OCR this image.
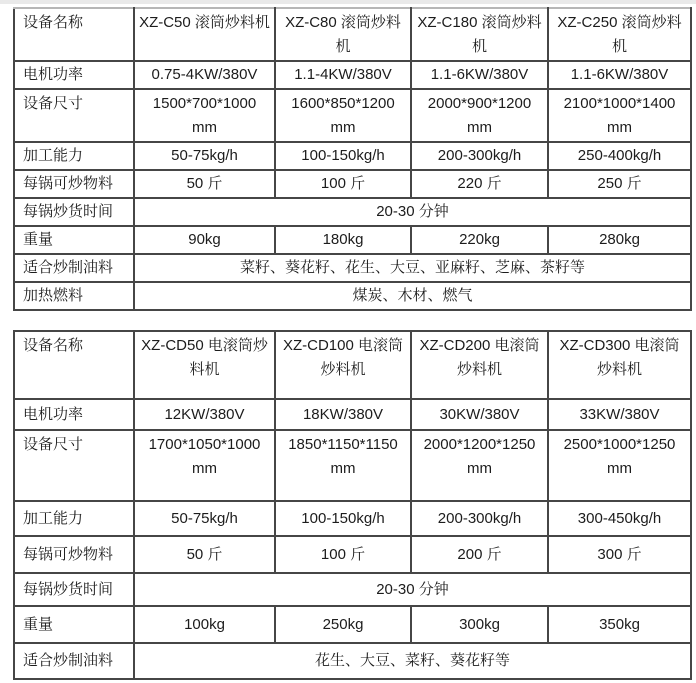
设备名称	XZ-C50 滚筒炒料机	XZ-C80 滚筒炒料机	XZ-C180 滚筒炒料机	XZ-C250 滚筒炒料机
电机功率	0.75-4KW/380V	1.1-4KW/380V	1.1-6KW/380V	1.1-6KW/380V
设备尺寸	1500*700*1000 mm	1600*850*1200 mm	2000*900*1200 mm	2100*1000*1400 mm
加工能力	50-75kg/h	100-150kg/h	200-300kg/h	250-400kg/h
每锅可炒物料	50 斤	100 斤	220 斤	250 斤
每锅炒货时间	20-30 分钟			
重量	90kg	180kg	220kg	280kg
适合炒制油料	菜籽、葵花籽、花生、大豆、亚麻籽、芝麻、茶籽等			
加热燃料	煤炭、木材、燃气			
设备名称	XZ-CD50 电滚筒炒料机	XZ-CD100 电滚筒炒料机	XZ-CD200 电滚筒炒料机	XZ-CD300 电滚筒炒料机
电机功率	12KW/380V	18KW/380V	30KW/380V	33KW/380V
设备尺寸	1700*1050*1000 mm	1850*1150*1150 mm	2000*1200*1250 mm	2500*1000*1250 mm
加工能力	50-75kg/h	100-150kg/h	200-300kg/h	300-450kg/h
每锅可炒物料	50 斤	100 斤	200 斤	300 斤
每锅炒货时间	20-30 分钟			
重量	100kg	250kg	300kg	350kg
适合炒制油料	花生、大豆、菜籽、葵花籽等			
